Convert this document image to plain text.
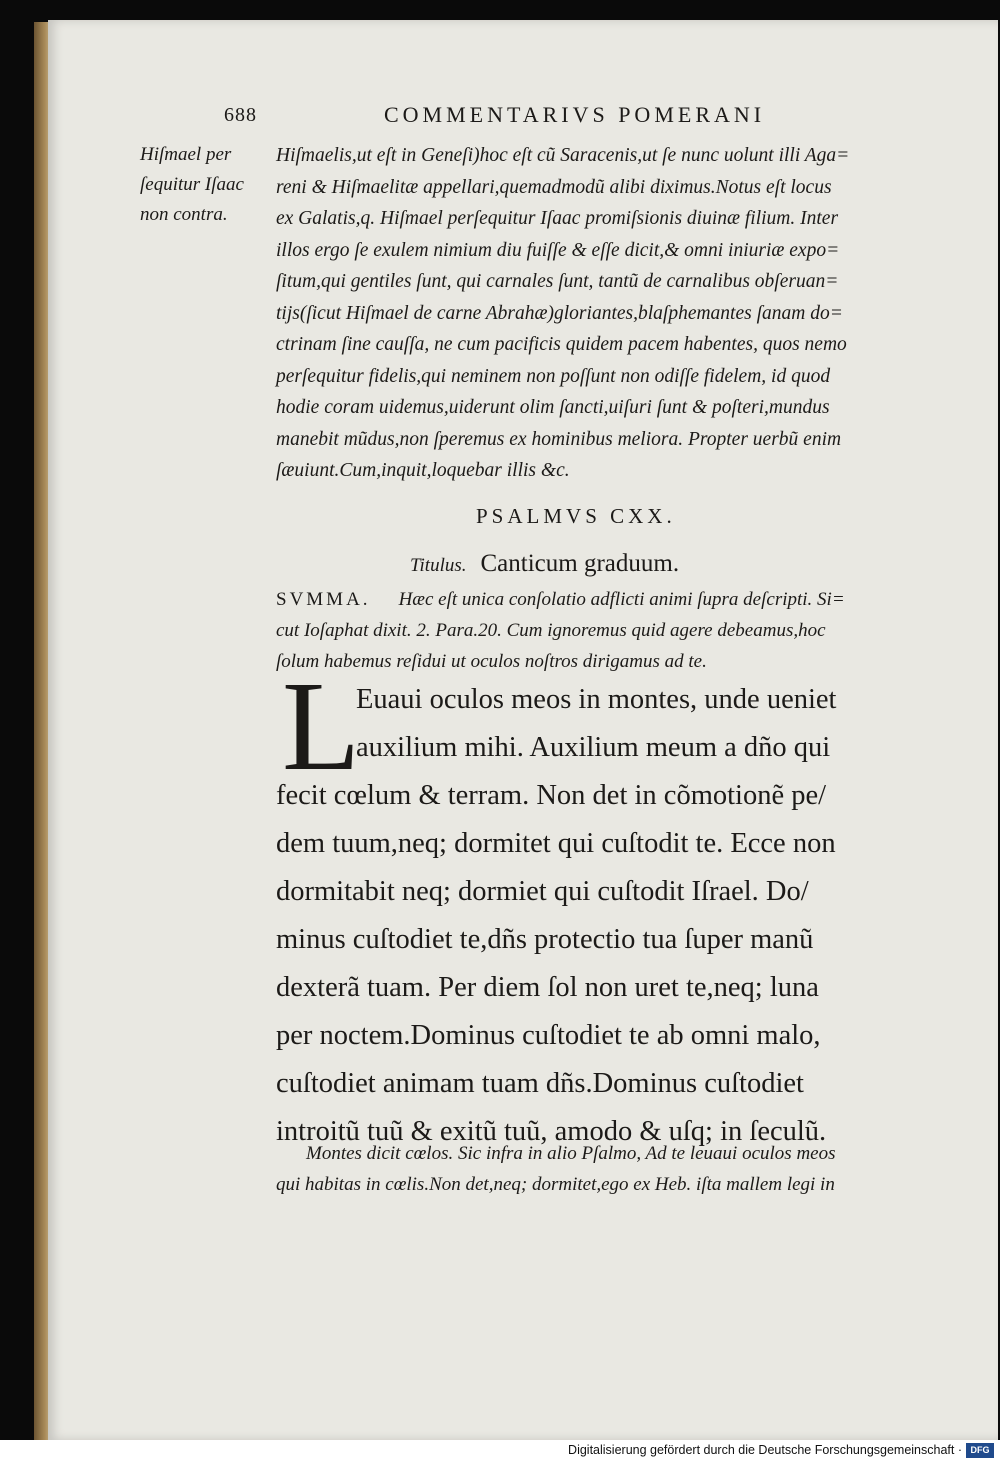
688	COMMENTARIVS POMERANI
Hiſmael per
ſequitur Iſaac
non contra.
Hiſmaelis,ut eſt in Geneſi)hoc eſt cũ Saracenis,ut ſe nunc uolunt illi Aga=
reni & Hiſmaelitæ appellari,quemadmodũ alibi diximus.Notus eſt locus
ex Galatis,q. Hiſmael perſequitur Iſaac promiſsionis diuinæ filium. Inter
illos ergo ſe exulem nimium diu fuiſſe & eſſe dicit,& omni iniuriæ expo=
ſitum,qui gentiles ſunt, qui carnales ſunt, tantũ de carnalibus obſeruan=
tijs(ſicut Hiſmael de carne Abrahæ)gloriantes,blaſphemantes ſanam do=
ctrinam ſine cauſſa, ne cum pacificis quidem pacem habentes, quos nemo
perſequitur fidelis,qui neminem non poſſunt non odiſſe fidelem, id quod
hodie coram uidemus,uiderunt olim ſancti,uiſuri ſunt & poſteri,mundus
manebit mũdus,non ſperemus ex hominibus meliora. Propter uerbũ enim
ſæuiunt.Cum,inquit,loquebar illis &c.
PSALMVS CXX.
Titulus. Canticum graduum.
SVMMA. Hæc eſt unica conſolatio adflicti animi ſupra deſcripti. Si=
cut Ioſaphat dixit. 2. Para.20. Cum ignoremus quid agere debeamus,hoc
ſolum habemus reſidui ut oculos noſtros dirigamus ad te.
L
Euaui oculos meos in montes, unde ueniet
auxilium mihi. Auxilium meum a dño qui
fecit cœlum & terram. Non det in cõmotionẽ pe/
dem tuum,neq; dormitet qui cuſtodit te. Ecce non
dormitabit neq; dormiet qui cuſtodit Iſrael. Do/
minus cuſtodiet te,dñs protectio tua ſuper manũ
dexterã tuam. Per diem ſol non uret te,neq; luna
per noctem.Dominus cuſtodiet te ab omni malo,
cuſtodiet animam tuam dñs.Dominus cuſtodiet
introitũ tuũ & exitũ tuũ, amodo & uſq; in ſeculũ.
Montes dicit cœlos. Sic infra in alio Pſalmo, Ad te leuaui oculos meos
qui habitas in cœlis.Non det,neq; dormitet,ego ex Heb. iſta mallem legi in
Digitalisierung gefördert durch die Deutsche Forschungsgemeinschaft · DFG
